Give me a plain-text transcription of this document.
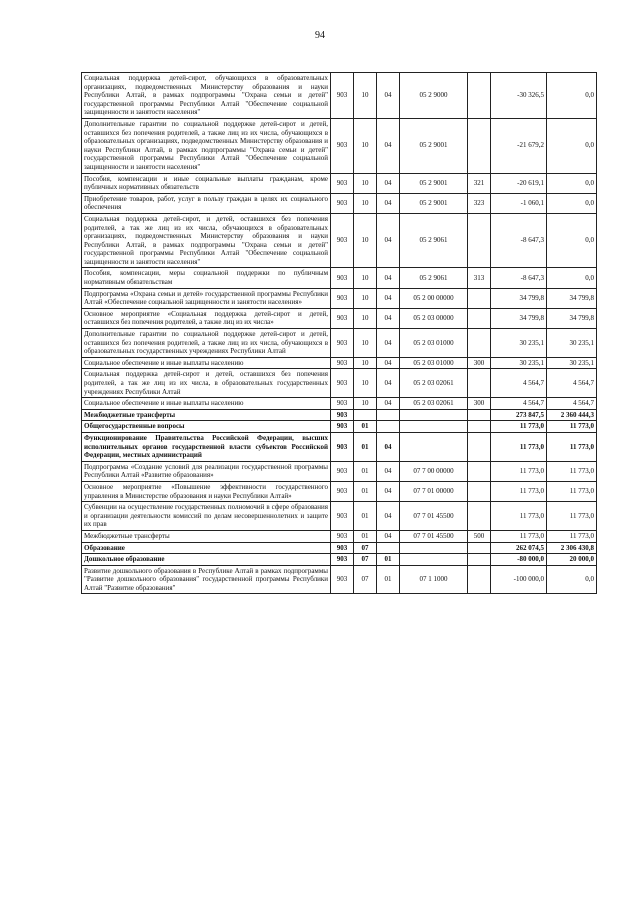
94
Социальная поддержка детей-сирот, обучающихся в образовательных организациях, подведомственных Министерству образования и науки Республики Алтай, в рамках подпрограммы "Охрана семьи и детей" государственной программы Республики Алтай "Обеспечение социальной защищенности и занятости населения"	903	10	04	05 2 9000		-30 326,5	0,0
Дополнительные гарантии по социальной поддержке детей-сирот и детей, оставшихся без попечения родителей, а также лиц из их числа, обучающихся в образовательных организациях, подведомственных Министерству образования и науки Республики Алтай, в рамках подпрограммы "Охрана семьи и детей" государственной программы Республики Алтай "Обеспечение социальной защищенности и занятости населения"	903	10	04	05 2 9001		-21 679,2	0,0
Пособия, компенсации и иные социальные выплаты гражданам, кроме публичных нормативных обязательств	903	10	04	05 2 9001	321	-20 619,1	0,0
Приобретение товаров, работ, услуг в пользу граждан в целях их социального обеспечения	903	10	04	05 2 9001	323	-1 060,1	0,0
Социальная поддержка детей-сирот, и детей, оставшихся без попечения родителей, а так же лиц из их числа, обучающихся в образовательных организациях, подведомственных Министерству образования и науки Республики Алтай, в рамках подпрограммы "Охрана семьи и детей" государственной программы Республики Алтай "Обеспечение социальной защищенности и занятости населения"	903	10	04	05 2 9061		-8 647,3	0,0
Пособия, компенсации, меры социальной поддержки по публичным нормативным обязательствам	903	10	04	05 2 9061	313	-8 647,3	0,0
Подпрограмма «Охрана семьи и детей» государственной программы Республики Алтай «Обеспечение социальной защищенности и занятости населения»	903	10	04	05 2 00 00000		34 799,8	34 799,8
Основное мероприятие «Социальная поддержка детей-сирот и детей, оставшихся без попечения родителей, а также лиц из их числа»	903	10	04	05 2 03 00000		34 799,8	34 799,8
Дополнительные гарантии по социальной поддержке детей-сирот и детей, оставшихся без попечения родителей, а также лиц из их числа, обучающихся в образовательных государственных учреждениях Республики Алтай	903	10	04	05 2 03 01000		30 235,1	30 235,1
Социальное обеспечение и иные выплаты населению	903	10	04	05 2 03 01000	300	30 235,1	30 235,1
Социальная поддержка детей-сирот и детей, оставшихся без попечения родителей, а так же лиц из их числа, в образовательных государственных учреждениях Республики Алтай	903	10	04	05 2 03 02061		4 564,7	4 564,7
Социальное обеспечение и иные выплаты населению	903	10	04	05 2 03 02061	300	4 564,7	4 564,7
Межбюджетные трансферты	903					273 847,5	2 360 444,3
Общегосударственные вопросы	903	01				11 773,0	11 773,0
Функционирование Правительства Российской Федерации, высших исполнительных органов государственной власти субъектов Российской Федерации, местных администраций	903	01	04			11 773,0	11 773,0
Подпрограмма «Создание условий для реализации государственной программы Республики Алтай «Развитие образования»	903	01	04	07 7 00 00000		11 773,0	11 773,0
Основное мероприятие «Повышение эффективности государственного управления в Министерстве образования и науки Республики Алтай»	903	01	04	07 7 01 00000		11 773,0	11 773,0
Субвенции на осуществление государственных полномочий в сфере образования и организации деятельности комиссий по делам несовершеннолетних и защите их прав	903	01	04	07 7 01 45500		11 773,0	11 773,0
Межбюджетные трансферты	903	01	04	07 7 01 45500	500	11 773,0	11 773,0
Образование	903	07				262 074,5	2 306 430,8
Дошкольное образование	903	07	01			-80 000,0	20 000,0
Развитие дошкольного образования в Республике Алтай в рамках подпрограммы "Развитие дошкольного образования" государственной программы Республики Алтай "Развитие образования"	903	07	01	07 1 1000		-100 000,0	0,0
